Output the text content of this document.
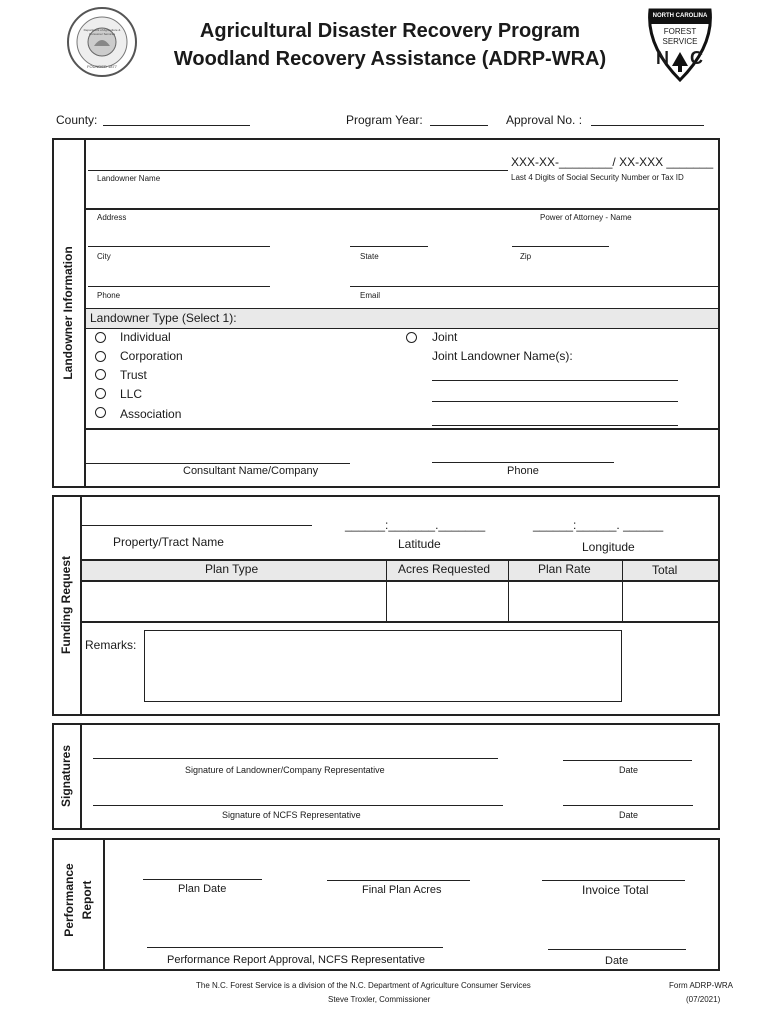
Department of Agriculture & Consumer Services
FOUNDED 1877
Agricultural Disaster Recovery Program
Woodland Recovery Assistance (ADRP-WRA)
NORTH CAROLINA
FOREST SERVICE
N C
County:	Program Year:	Approval No. :
Landowner Information
XXX-XX-________/ XX-XXX _______
Landowner Name	Last 4 Digits of Social Security Number or Tax ID
Address	Power of Attorney - Name
City	State	Zip
Phone	Email
Landowner Type (Select 1):
Individual
Corporation
Trust
LLC
Association
Joint
Joint Landowner Name(s):
Consultant Name/Company	Phone
Funding Request
______:_______._______	______:______. ______
Property/Tract Name	Latitude	Longitude
Plan Type	Acres Requested	Plan Rate	Total
Remarks:
Signatures	Signature of Landowner/Company Representative	Date
Signature of NCFS Representative	Date
Performance Report	Plan Date	Final Plan Acres	Invoice Total
Performance Report Approval, NCFS Representative	Date
The N.C. Forest Service is a division of the N.C. Department of Agriculture Consumer Services
Steve Troxler, Commissioner
Form ADRP-WRA
(07/2021)
